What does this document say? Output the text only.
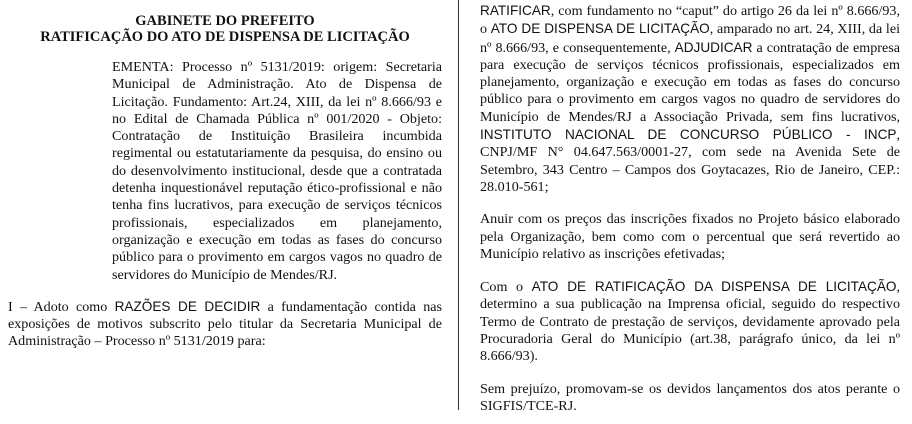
GABINETE DO PREFEITO

RATIFICAÇÃO DO ATO DE DISPENSA DE LICITAÇÃO

EMENTA: Processo nº 5131/2019: origem: Secretaria Municipal de Administração. Ato de Dispensa de Licitação. Fundamento: Art.24, XIII, da lei nº 8.666/93 e no Edital de Chamada Pública nº 001/2020 - Objeto: Contratação de Instituição Brasileira incumbida regimental ou estatutariamente da pesquisa, do ensino ou do desenvolvimento institucional, desde que a contratada detenha inquestionável reputação ético-profissional e não tenha fins lucrativos, para execução de serviços técnicos profissionais, especializados em planejamento, organização e execução em todas as fases do concurso público para o provimento em cargos vagos no quadro de servidores do Município de Mendes/RJ.

I – Adoto como RAZÕES DE DECIDIR a fundamentação contida nas exposições de motivos subscrito pelo titular da Secretaria Municipal de Administração – Processo nº 5131/2019 para:

RATIFICAR, com fundamento no “caput” do artigo 26 da lei nº 8.666/93, o ATO DE DISPENSA DE LICITAÇÃO, amparado no art. 24, XIII, da lei nº 8.666/93, e consequentemente, ADJUDICAR a contratação de empresa para execução de serviços técnicos profissionais, especializados em planejamento, organização e execução em todas as fases do concurso público para o provimento em cargos vagos no quadro de servidores do Município de Mendes/RJ a Associação Privada, sem fins lucrativos, INSTITUTO NACIONAL DE CONCURSO PÚBLICO - INCP, CNPJ/MF N° 04.647.563/0001-27, com sede na Avenida Sete de Setembro, 343 Centro – Campos dos Goytacazes, Rio de Janeiro, CEP.: 28.010-561;

Anuir com os preços das inscrições fixados no Projeto básico elaborado pela Organização, bem como com o percentual que será revertido ao Município relativo as inscrições efetivadas;

Com o ATO DE RATIFICAÇÃO DA DISPENSA DE LICITAÇÃO, determino a sua publicação na Imprensa oficial, seguido do respectivo Termo de Contrato de prestação de serviços, devidamente aprovado pela Procuradoria Geral do Município (art.38, parágrafo único, da lei nº 8.666/93).

Sem prejuízo, promovam-se os devidos lançamentos dos atos perante o SIGFIS/TCE-RJ.
